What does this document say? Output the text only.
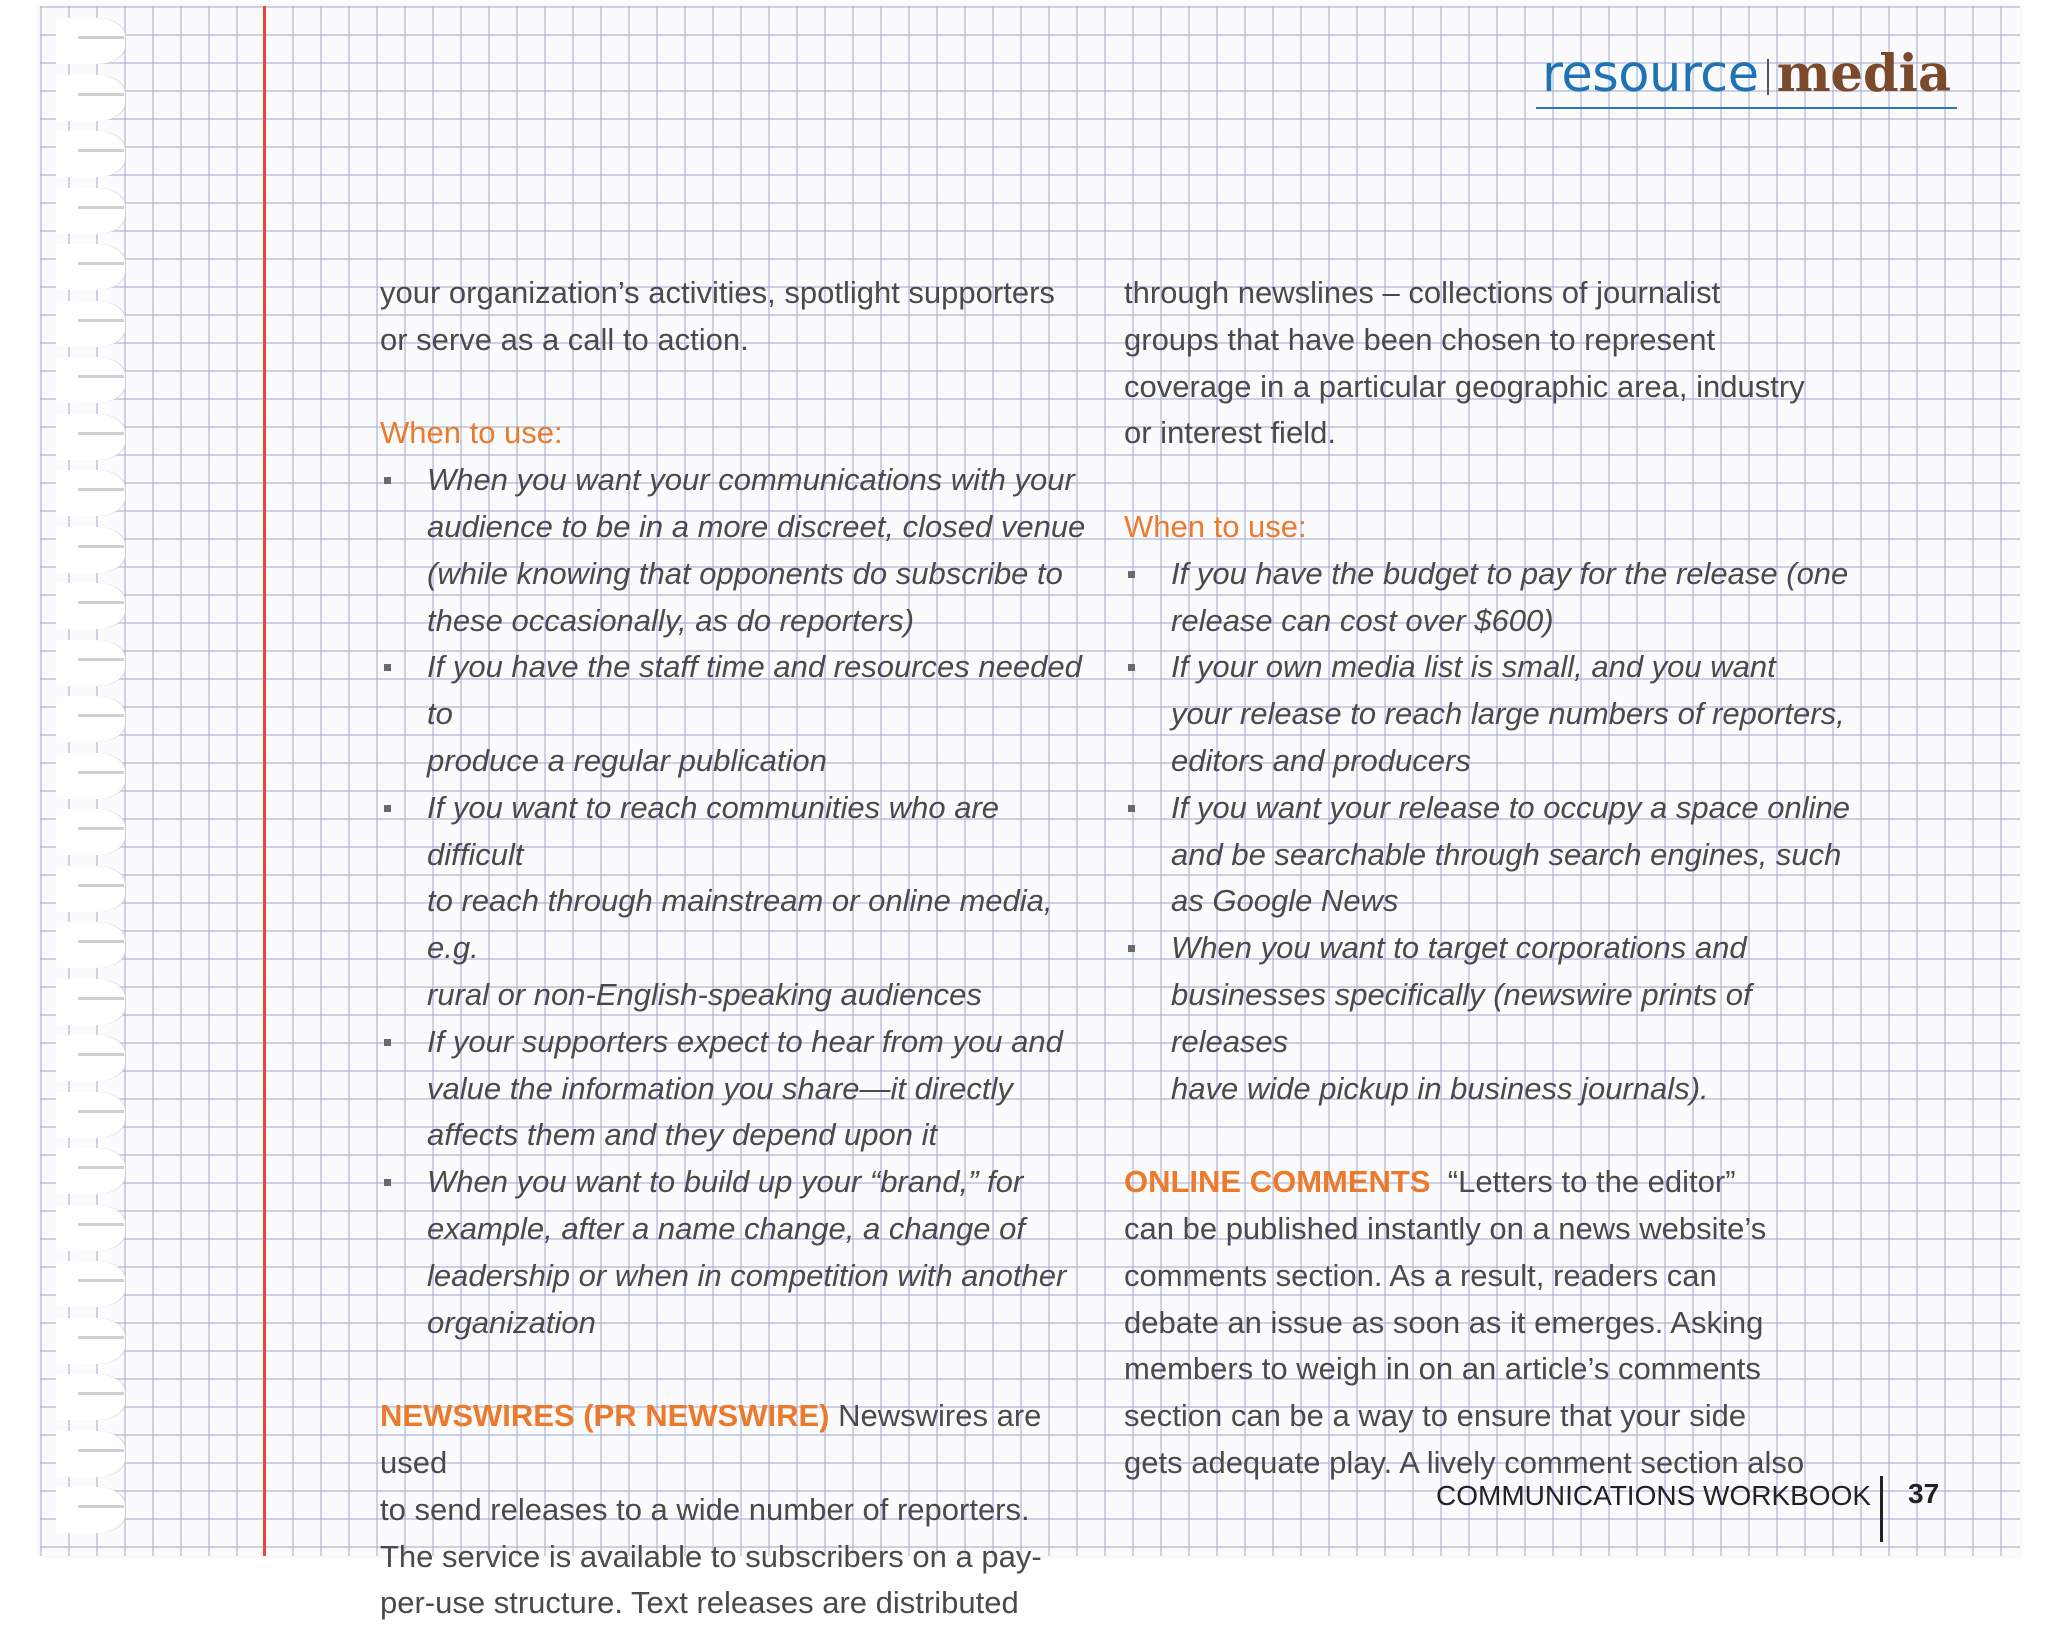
resource media

your organization’s activities, spotlight supporters

or serve as a call to action.

When to use:

When you want your communications with your
audience to be in a more discreet, closed venue
(while knowing that opponents do subscribe to
these occasionally, as do reporters)
If you have the staff time and resources needed to
produce a regular publication
If you want to reach communities who are difficult
to reach through mainstream or online media, e.g.
rural or non-English-speaking audiences
If your supporters expect to hear from you and
value the information you share—it directly
affects them and they depend upon it
When you want to build up your “brand,” for
example, after a name change, a change of
leadership or when in competition with another
organization

NEWSWIRES (PR NEWSWIRE) Newswires are used

to send releases to a wide number of reporters.

The service is available to subscribers on a pay-

per-use structure. Text releases are distributed

through newslines – collections of journalist

groups that have been chosen to represent

coverage in a particular geographic area, industry

or interest field.

When to use:

If you have the budget to pay for the release (one
release can cost over $600)
If your own media list is small, and you want
your release to reach large numbers of reporters,
editors and producers
If you want your release to occupy a space online
and be searchable through search engines, such
as Google News
When you want to target corporations and
businesses specifically (newswire prints of releases
have wide pickup in business journals).

ONLINE COMMENTS  “Letters to the editor”

can be published instantly on a news website’s

comments section. As a result, readers can

debate an issue as soon as it emerges. Asking

members to weigh in on an article’s comments

section can be a way to ensure that your side

gets adequate play. A lively comment section also

COMMUNICATIONS WORKBOOK 37
